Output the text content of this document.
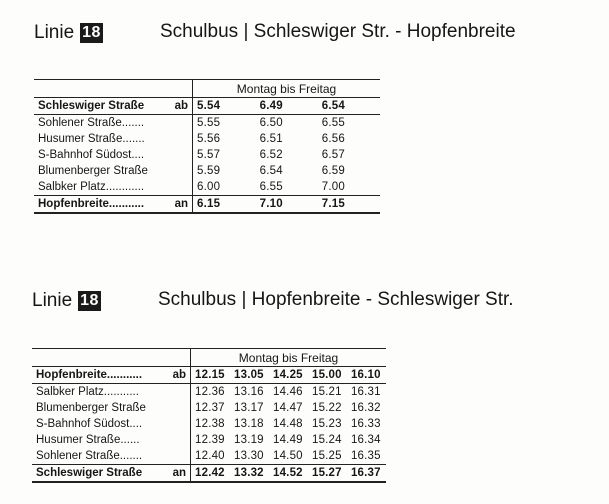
Linie 18	Schulbus | Schleswiger Str. - Hopfenbreite
	Montag bis Freitag		

Schleswiger Straße ab	5.54	6.49	6.54

Sohlener Straße.......	5.55	6.50	6.55

Husumer Straße.......	5.56	6.51	6.56

S-Bahnhof Südost....	5.57	6.52	6.57

Blumenberger Straße	5.59	6.54	6.59

Salbker Platz............	6.00	6.55	7.00

Hopfenbreite........... an	6.15	7.10	7.15
Linie 18	Schulbus | Hopfenbreite - Schleswiger Str.
	Montag bis Freitag				

Hopfenbreite........... ab	12.15	13.05	14.25	15.00	16.10

Salbker Platz...........	12.36	13.16	14.46	15.21	16.31

Blumenberger Straße	12.37	13.17	14.47	15.22	16.32

S-Bahnhof Südost....	12.38	13.18	14.48	15.23	16.33

Husumer Straße......	12.39	13.19	14.49	15.24	16.34

Sohlener Straße.......	12.40	13.30	14.50	15.25	16.35

Schleswiger Straße an	12.42	13.32	14.52	15.27	16.37
